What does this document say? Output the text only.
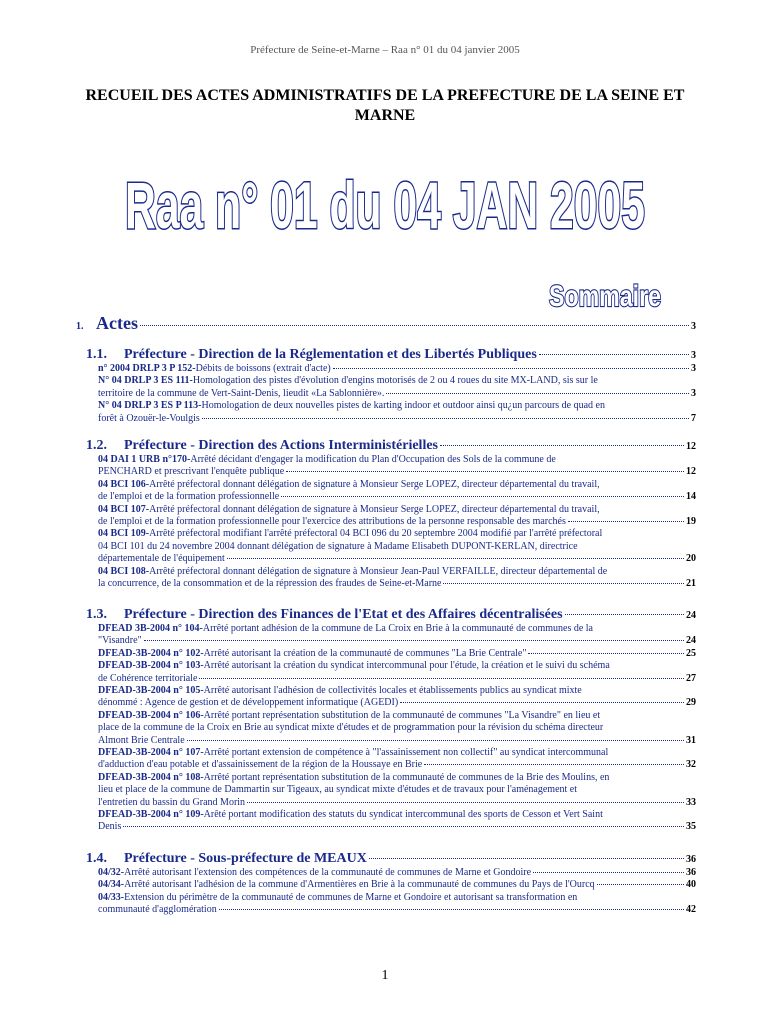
Préfecture de Seine-et-Marne – Raa n° 01 du 04 janvier 2005
RECUEIL DES ACTES ADMINISTRATIFS DE LA PREFECTURE DE LA SEINE ET MARNE
Raa n° 01 du 04 JAN 2005
Sommaire
1. Actes	3
1.1.	Préfecture - Direction de la Réglementation et des Libertés Publiques	3
n° 2004 DRLP 3 P 152- Débits de boissons (extrait d'acte)	3
N° 04 DRLP 3 ES 111- Homologation des pistes d'évolution d'engins motorisés de 2 ou 4 roues du site MX-LAND, sis sur le
territoire de la commune de Vert-Saint-Denis, lieudit «La Sablonnière».	3
N° 04 DRLP 3 ES P 113- Homologation de deux nouvelles pistes de karting indoor et outdoor ainsi qu¿un parcours de quad en
forêt à Ozouër-le-Voulgis	7
1.2.	Préfecture - Direction des Actions Interministérielles	12
04 DAI 1 URB n°170- Arrêté décidant d'engager la modification du Plan d'Occupation des Sols de la commune de
PENCHARD et prescrivant l'enquête publique	12
04 BCI 106- Arrêté préfectoral donnant délégation de signature à Monsieur Serge LOPEZ, directeur départemental du travail,
de l'emploi et de la formation professionnelle	14
04 BCI 107- Arrêté préfectoral donnant délégation de signature à Monsieur Serge LOPEZ, directeur départemental du travail,
de l'emploi et de la formation professionnelle pour l'exercice des attributions de la personne responsable des marchés	19
04 BCI 109- Arrêté préfectoral modifiant l'arrêté préfectoral 04 BCI 096 du 20 septembre 2004 modifié par l'arrêté préfectoral
04 BCI 101 du 24 novembre 2004 donnant délégation de signature à Madame Elisabeth DUPONT-KERLAN, directrice
départementale de l'équipement	20
04 BCI 108- Arrêté préfectoral donnant délégation de signature à Monsieur Jean-Paul VERFAILLE, directeur départemental de
la concurrence, de la consommation et de la répression des fraudes de Seine-et-Marne	21
1.3.	Préfecture - Direction des Finances de l'Etat et des Affaires décentralisées	24
DFEAD 3B-2004 n° 104- Arrêté portant adhésion de la commune de La Croix en Brie à la communauté de communes de la
"Visandre"	24
DFEAD-3B-2004 n° 102- Arrêté autorisant la création de la communauté de communes "La Brie Centrale"	25
DFEAD-3B-2004 n° 103- Arrêté autorisant la création du syndicat intercommunal pour l'étude, la création et le suivi du schéma
de Cohérence territoriale	27
DFEAD-3B-2004 n° 105- Arrêté autorisant l'adhésion de collectivités locales et établissements publics au syndicat mixte
dénommé : Agence de gestion et de développement informatique (AGEDI)	29
DFEAD-3B-2004 n° 106- Arrêté portant représentation substitution de la communauté de communes "La Visandre" en lieu et
place de la commune de la Croix en Brie au syndicat mixte d'études et de programmation pour la révision du schéma directeur
Almont Brie Centrale	31
DFEAD-3B-2004 n° 107- Arrêté portant extension de compétence à "l'assainissement non collectif" au syndicat intercommunal
d'adduction d'eau potable et d'assainissement de la région de la Houssaye en Brie	32
DFEAD-3B-2004 n° 108- Arrêté portant représentation substitution de la communauté de communes de la Brie des Moulins, en
lieu et place de la commune de Dammartin sur Tigeaux, au syndicat mixte d'études et de travaux pour l'aménagement et
l'entretien du bassin du Grand Morin	33
DFEAD-3B-2004 n° 109- Arêté portant modification des statuts du syndicat intercommunal des sports de Cesson et Vert Saint
Denis	35
1.4.	Préfecture - Sous-préfecture de MEAUX	36
04/32- Arrêté autorisant l'extension des compétences de la communauté de communes de Marne et Gondoire	36
04/34- Arrêté autorisant l'adhésion de la commune d'Armentières en Brie à la communauté de communes du Pays de l'Ourcq	40
04/33- Extension du périmètre de la communauté de communes de Marne et Gondoire et autorisant sa transformation en
communauté d'agglomération	42
1
